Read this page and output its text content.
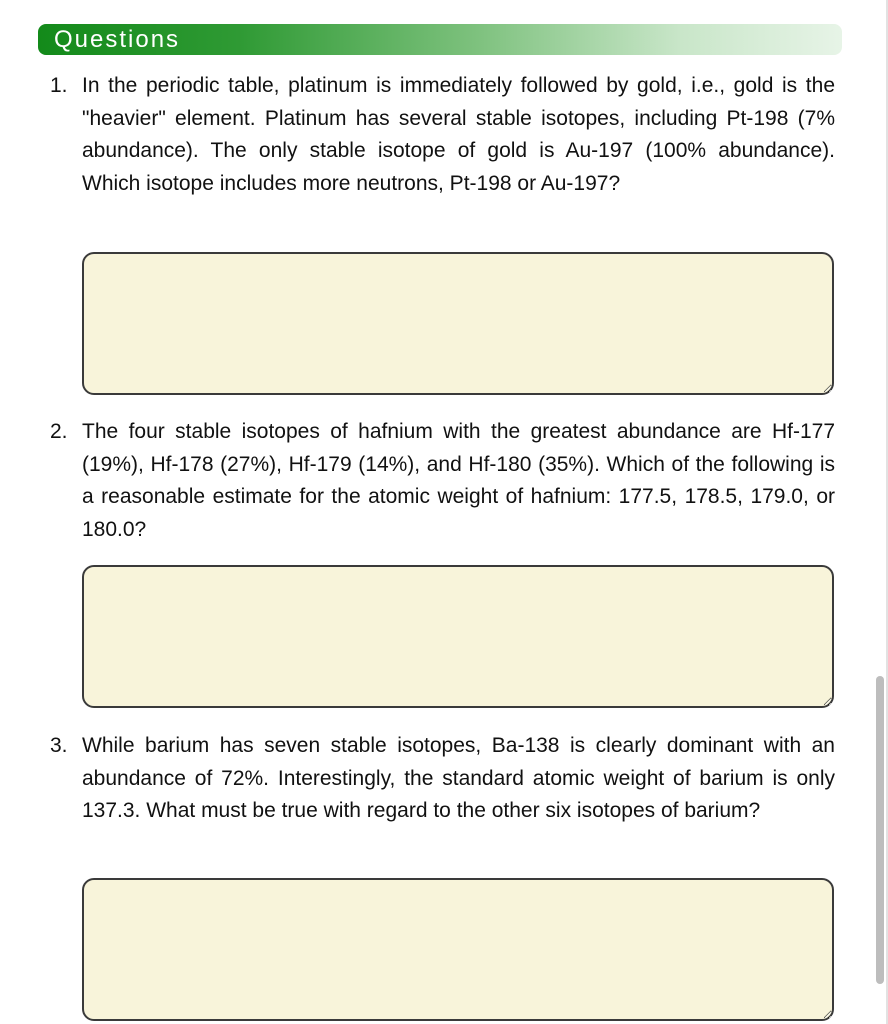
Questions
1. In the periodic table, platinum is immediately followed by gold, i.e., gold is the "heavier" element. Platinum has several stable isotopes, including Pt-198 (7% abundance). The only stable isotope of gold is Au-197 (100% abundance). Which isotope includes more neutrons, Pt-198 or Au-197?
2. The four stable isotopes of hafnium with the greatest abundance are Hf-177 (19%), Hf-178 (27%), Hf-179 (14%), and Hf-180 (35%). Which of the following is a reasonable estimate for the atomic weight of hafnium: 177.5, 178.5, 179.0, or 180.0?
3. While barium has seven stable isotopes, Ba-138 is clearly dominant with an abundance of 72%. Interestingly, the standard atomic weight of barium is only 137.3. What must be true with regard to the other six isotopes of barium?
